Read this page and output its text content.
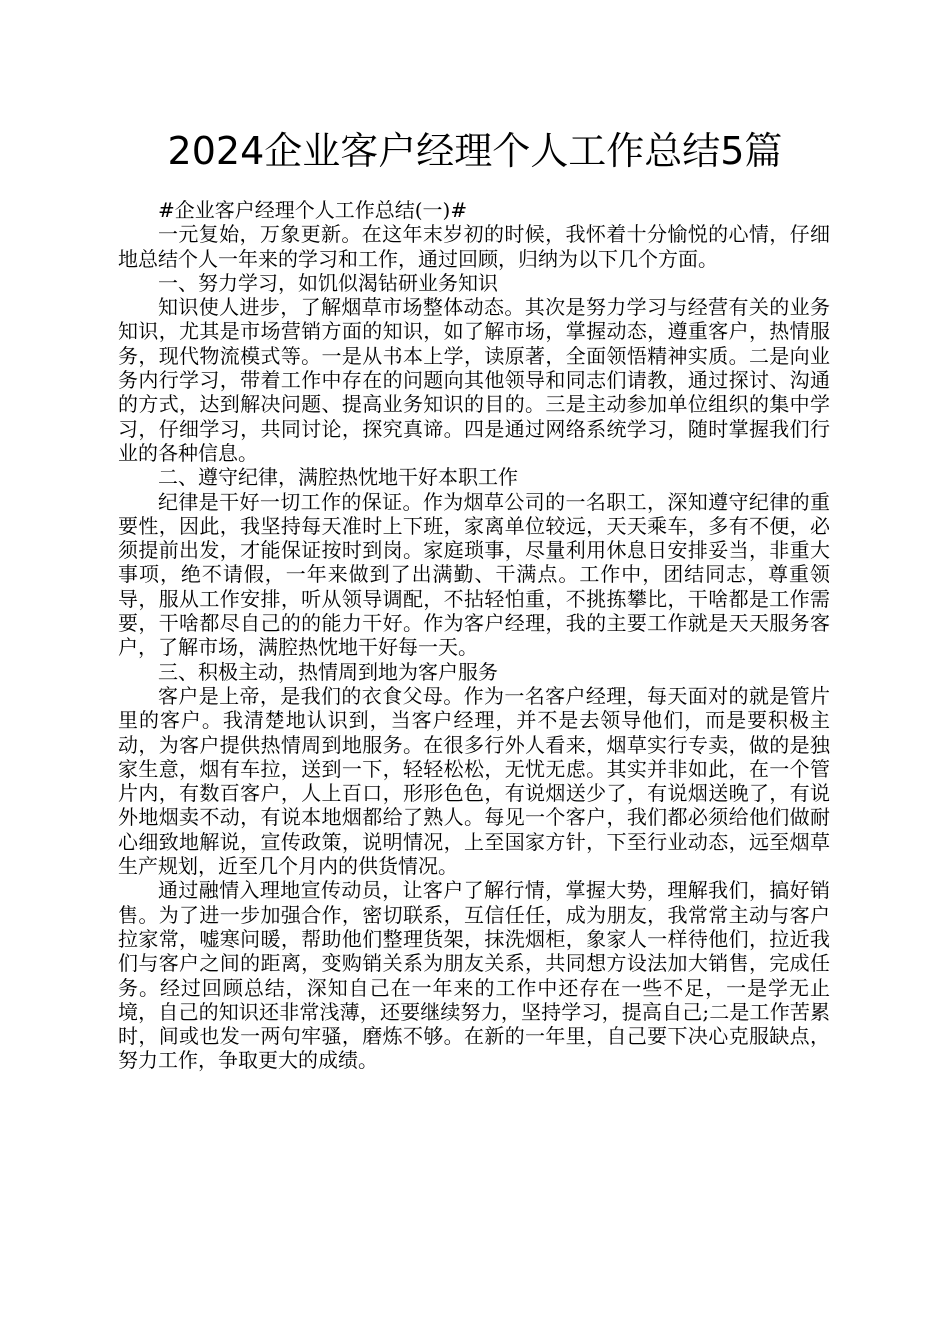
2024企业客户经理个人工作总结5篇

#企业客户经理个人工作总结(一)#

一元复始，万象更新。在这年末岁初的时候，我怀着十分愉悦的心情，仔细地总结个人一年来的学习和工作，通过回顾，归纳为以下几个方面。

一、努力学习，如饥似渴钻研业务知识

知识使人进步，了解烟草市场整体动态。其次是努力学习与经营有关的业务知识，尤其是市场营销方面的知识，如了解市场，掌握动态，遵重客户，热情服务，现代物流模式等。一是从书本上学，读原著，全面领悟精神实质。二是向业务内行学习，带着工作中存在的问题向其他领导和同志们请教，通过探讨、沟通的方式，达到解决问题、提高业务知识的目的。三是主动参加单位组织的集中学习，仔细学习，共同讨论，探究真谛。四是通过网络系统学习，随时掌握我们行业的各种信息。

二、遵守纪律，满腔热忱地干好本职工作

纪律是干好一切工作的保证。作为烟草公司的一名职工，深知遵守纪律的重要性，因此，我坚持每天准时上下班，家离单位较远，天天乘车，多有不便，必须提前出发，才能保证按时到岗。家庭琐事，尽量利用休息日安排妥当，非重大事项，绝不请假，一年来做到了出满勤、干满点。工作中，团结同志，尊重领导，服从工作安排，听从领导调配，不拈轻怕重，不挑拣攀比，干啥都是工作需要，干啥都尽自己的的能力干好。作为客户经理，我的主要工作就是天天服务客户，了解市场，满腔热忱地干好每一天。

三、积极主动，热情周到地为客户服务

客户是上帝，是我们的衣食父母。作为一名客户经理，每天面对的就是管片里的客户。我清楚地认识到，当客户经理，并不是去领导他们，而是要积极主动，为客户提供热情周到地服务。在很多行外人看来，烟草实行专卖，做的是独家生意，烟有车拉，送到一下，轻轻松松，无忧无虑。其实并非如此，在一个管片内，有数百客户，人上百口，形形色色，有说烟送少了，有说烟送晚了，有说外地烟卖不动，有说本地烟都给了熟人。每见一个客户，我们都必须给他们做耐心细致地解说，宣传政策，说明情况，上至国家方针，下至行业动态，远至烟草生产规划，近至几个月内的供货情况。

通过融情入理地宣传动员，让客户了解行情，掌握大势，理解我们，搞好销售。为了进一步加强合作，密切联系，互信任任，成为朋友，我常常主动与客户拉家常，嘘寒问暖，帮助他们整理货架，抹洗烟柜，象家人一样待他们，拉近我们与客户之间的距离，变购销关系为朋友关系，共同想方设法加大销售，完成任务。经过回顾总结，深知自己在一年来的工作中还存在一些不足，一是学无止境，自己的知识还非常浅薄，还要继续努力，坚持学习，提高自己;二是工作苦累时，间或也发一两句牢骚，磨炼不够。在新的一年里，自己要下决心克服缺点，努力工作，争取更大的成绩。
